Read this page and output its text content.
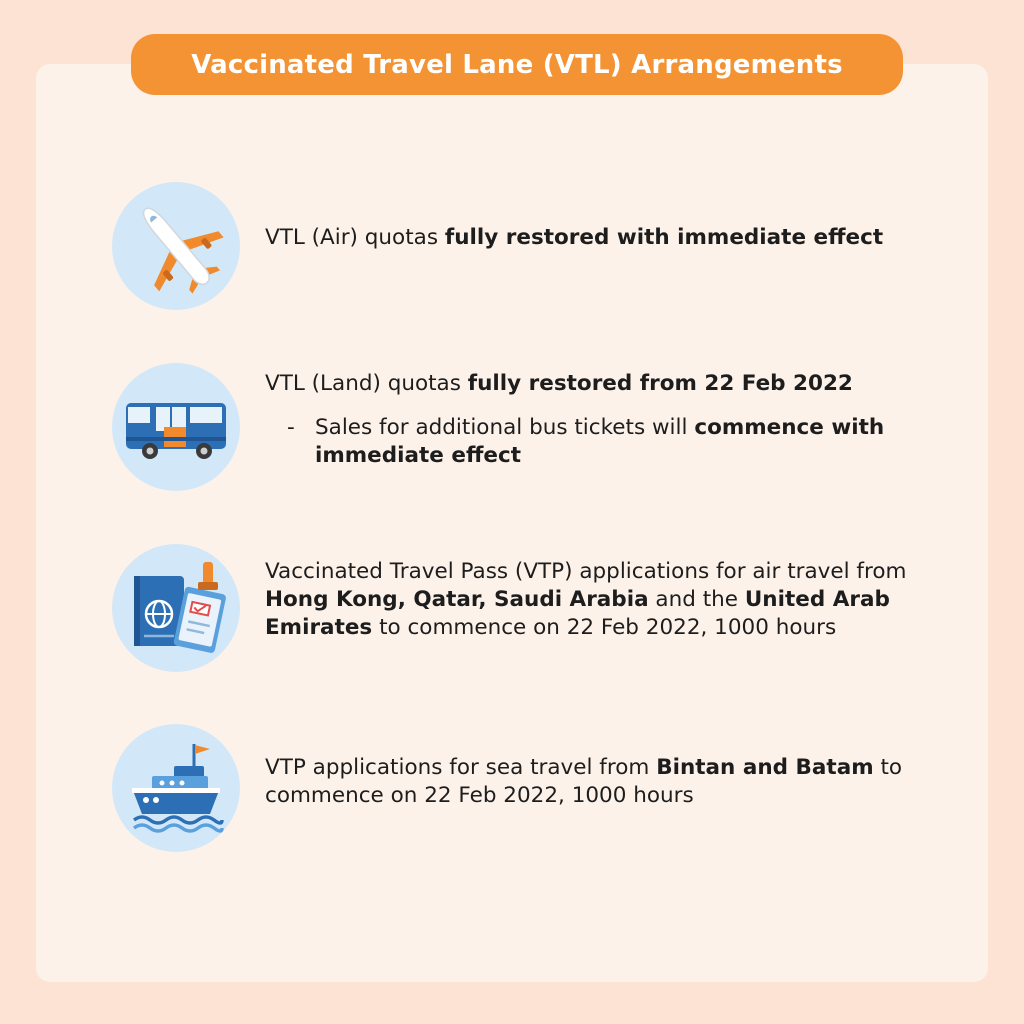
Vaccinated Travel Lane (VTL) Arrangements
VTL (Air) quotas fully restored with immediate effect
VTL (Land) quotas fully restored from 22 Feb 2022
- Sales for additional bus tickets will commence with immediate effect
Vaccinated Travel Pass (VTP) applications for air travel from Hong Kong, Qatar, Saudi Arabia and the United Arab Emirates to commence on 22 Feb 2022, 1000 hours
VTP applications for sea travel from Bintan and Batam to commence on 22 Feb 2022, 1000 hours
